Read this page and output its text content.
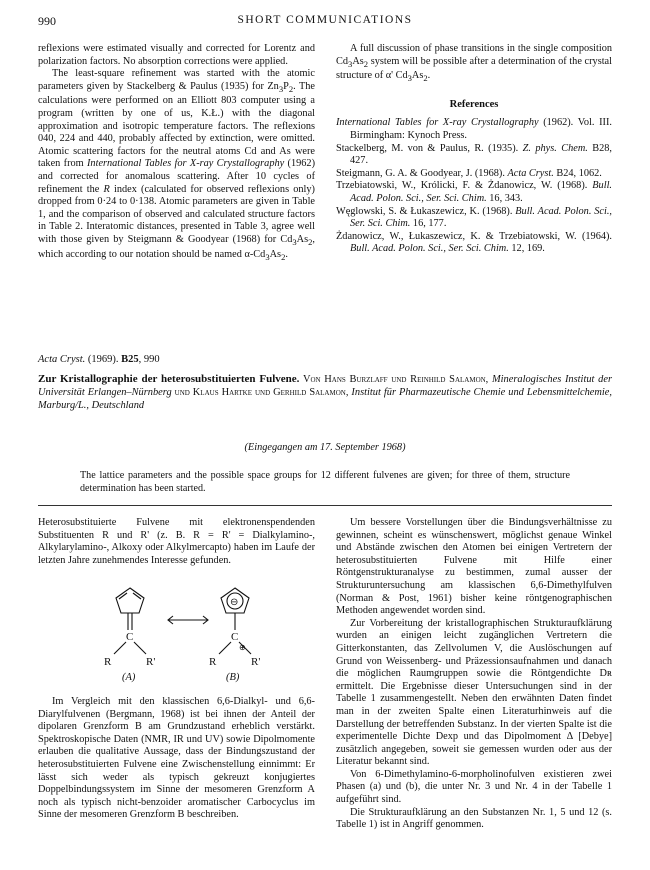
990	SHORT COMMUNICATIONS

reflexions were estimated visually and corrected for Lorentz and polarization factors. No absorption corrections were applied.

The least-square refinement was started with the atomic parameters given by Stackelberg & Paulus (1935) for $Zn_3P_2$. The calculations were performed on an Elliott 803 computer using a program (written by one of us, K.Ł.) with the diagonal approximation and isotropic temperature factors. The reflexions 040, 224 and 440, probably affected by extinction, were omitted. Atomic scattering factors for the neutral atoms Cd and As were taken from International Tables for X-ray Crystallography (1962) and corrected for anomalous scattering. After 10 cycles of refinement the R index (calculated for observed reflexions only) dropped from 0·24 to 0·138. Atomic parameters are given in Table 1, and the comparison of observed and calculated structure factors in Table 2. Interatomic distances, presented in Table 3, agree well with those given by Steigmann & Goodyear (1968) for $Cd_3As_2$, which according to our notation should be named $\alpha-Cd_3As_2$.

A full discussion of phase transitions in the single composition $Cd_3As_2$ system will be possible after a determination of the crystal structure of α' $Cd_3As_2$.

References

International Tables for X-ray Crystallography (1962). Vol. III. Birmingham: Kynoch Press.

Stackelberg, M. von & Paulus, R. (1935). Z. phys. Chem. B28, 427.

Steigmann, G. A. & Goodyear, J. (1968). Acta Cryst. B24, 1062.

Trzebiatowski, W., Królicki, F. & Żdanowicz, W. (1968). Bull. Acad. Polon. Sci., Ser. Sci. Chim. 16, 343.

Węglowski, S. & Łukaszewicz, K. (1968). Bull. Acad. Polon. Sci., Ser. Sci. Chim. 16, 177.

Żdanowicz, W., Łukaszewicz, K. & Trzebiatowski, W. (1964). Bull. Acad. Polon. Sci., Ser. Sci. Chim. 12, 169.

Acta Cryst. (1969). B25, 990
Zur Kristallographie der heterosubstituierten Fulvene. Von Hans Burzlaff und Reinhild Salamon, Mineralogisches Institut der Universität Erlangen–Nürnberg und Klaus Hartke und Gerhild Salamon, Institut für Pharmazeutische Chemie und Lebensmittelchemie, Marburg/L., Deutschland
(Eingegangen am 17. September 1968)
The lattice parameters and the possible space groups for 12 different fulvenes are given; for three of them, structure determination has been started.

Heterosubstituierte Fulvene mit elektronenspendenden Substituenten R und R' (z. B. R = R' = Dialkylamino-, Alkylarylamino-, Alkoxy oder Alkylmercapto) haben im Laufe der letzten Jahre zunehmendes Interesse gefunden.

C
R	R'
C
R	R'
⊖
⊕
(A)	(B)

Im Vergleich mit den klassischen 6,6-Dialkyl- und 6,6-Diarylfulvenen (Bergmann, 1968) ist bei ihnen der Anteil der dipolaren Grenzform B am Grundzustand erheblich verstärkt. Spektroskopische Daten (NMR, IR und UV) sowie Dipolmomente erlauben die qualitative Aussage, dass der Bindungszustand der heterosubstituierten Fulvene eine Zwischenstellung einnimmt: Er lässt sich weder als typisch gekreuzt konjugiertes Doppelbindungssystem im Sinne der mesomeren Grenzform A noch als typisch nicht-benzoider aromatischer Carbocyclus im Sinne der mesomeren Grenzform B beschreiben.

Um bessere Vorstellungen über die Bindungsverhältnisse zu gewinnen, scheint es wünschenswert, möglichst genaue Winkel und Abstände zwischen den Atomen bei einigen Vertretern der heterosubstituierten Fulvene mit Hilfe einer Röntgenstrukturanalyse zu bestimmen, zumal ausser der Strukturuntersuchung am klassischen 6,6-Dimethylfulven (Norman & Post, 1961) bisher keine röntgenographischen Methoden angewendet worden sind.

Zur Vorbereitung der kristallographischen Strukturaufklärung wurden an einigen leicht zugänglichen Vertretern die Gitterkonstanten, das Zellvolumen V, die Auslöschungen auf Grund von Weissenberg- und Präzessionsaufnahmen und danach die möglichen Raumgruppen sowie die Röntgendichte Dʀ ermittelt. Die Ergebnisse dieser Untersuchungen sind in der Tabelle 1 zusammengestellt. Neben den erwähnten Daten findet man in der zweiten Spalte einen Literaturhinweis auf die Darstellung der betreffenden Substanz. In der vierten Spalte ist die experimentelle Dichte Dexp und das Dipolmoment Δ [Debye] zusätzlich angegeben, soweit sie gemessen wurden oder aus der Literatur bekannt sind.

Von 6-Dimethylamino-6-morpholinofulven existieren zwei Phasen (a) und (b), die unter Nr. 3 und Nr. 4 in der Tabelle 1 aufgeführt sind.

Die Strukturaufklärung an den Substanzen Nr. 1, 5 und 12 (s. Tabelle 1) ist in Angriff genommen.
